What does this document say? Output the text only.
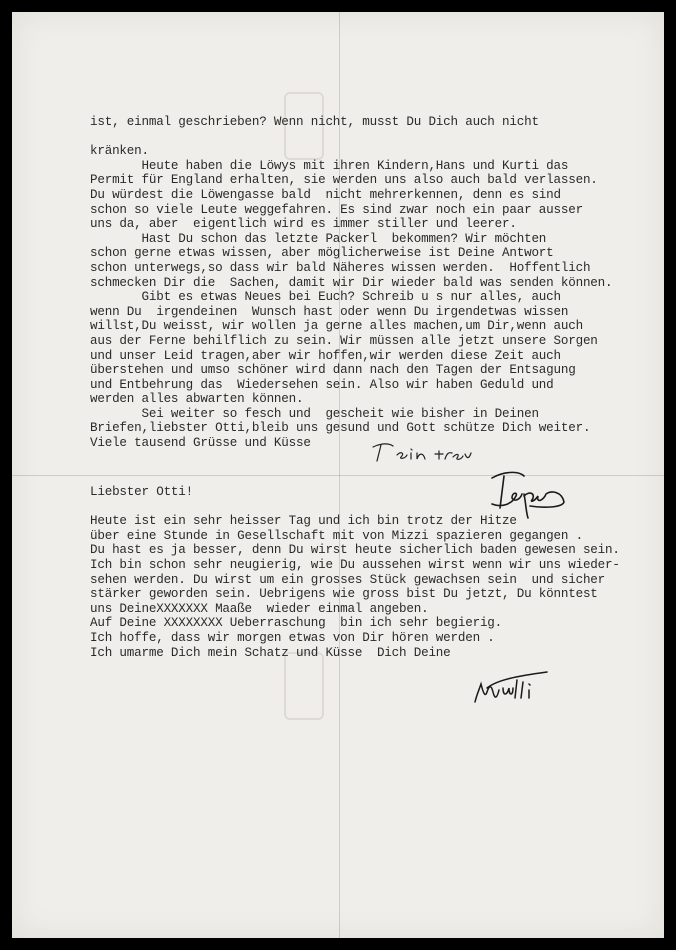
ist, einmal geschrieben? Wenn nicht, musst Du Dich auch nicht
kränken.
Heute haben die Löwys mit ihren Kindern,Hans und Kurti das
Permit für England erhalten, sie werden uns also auch bald verlassen.
Du würdest die Löwengasse bald  nicht mehrerkennen, denn es sind
schon so viele Leute weggefahren. Es sind zwar noch ein paar ausser
uns da, aber  eigentlich wird es immer stiller und leerer.
Hast Du schon das letzte Packerl  bekommen? Wir möchten
schon gerne etwas wissen, aber möglicherweise ist Deine Antwort
schon unterwegs,so dass wir bald Näheres wissen werden.  Hoffentlich
schmecken Dir die  Sachen, damit wir Dir wieder bald was senden können.
Gibt es etwas Neues bei Euch? Schreib u s nur alles, auch
wenn Du  irgendeinen  Wunsch hast oder wenn Du irgendetwas wissen
willst,Du weisst, wir wollen ja gerne alles machen,um Dir,wenn auch
aus der Ferne behilflich zu sein. Wir müssen alle jetzt unsere Sorgen
und unser Leid tragen,aber wir hoffen,wir werden diese Zeit auch
überstehen und umso schöner wird dann nach den Tagen der Entsagung
und Entbehrung das  Wiedersehen sein. Also wir haben Geduld und
werden alles abwarten können.
Sei weiter so fesch und  gescheit wie bisher in Deinen
Briefen,liebster Otti,bleib uns gesund und Gott schütze Dich weiter.
Viele tausend Grüsse und Küsse
Liebster Otti!
Heute ist ein sehr heisser Tag und ich bin trotz der Hitze
über eine Stunde in Gesellschaft mit von Mizzi spazieren gegangen .
Du hast es ja besser, denn Du wirst heute sicherlich baden gewesen sein.
Ich bin schon sehr neugierig, wie Du aussehen wirst wenn wir uns wieder-
sehen werden. Du wirst um ein grosses Stück gewachsen sein  und sicher
stärker geworden sein. Uebrigens wie gross bist Du jetzt, Du könntest
uns DeineXXXXXXX Maaße  wieder einmal angeben.
Auf Deine XXXXXXXX Ueberraschung  bin ich sehr begierig.
Ich hoffe, dass wir morgen etwas von Dir hören werden .
Ich umarme Dich mein Schatz und Küsse  Dich Deine
